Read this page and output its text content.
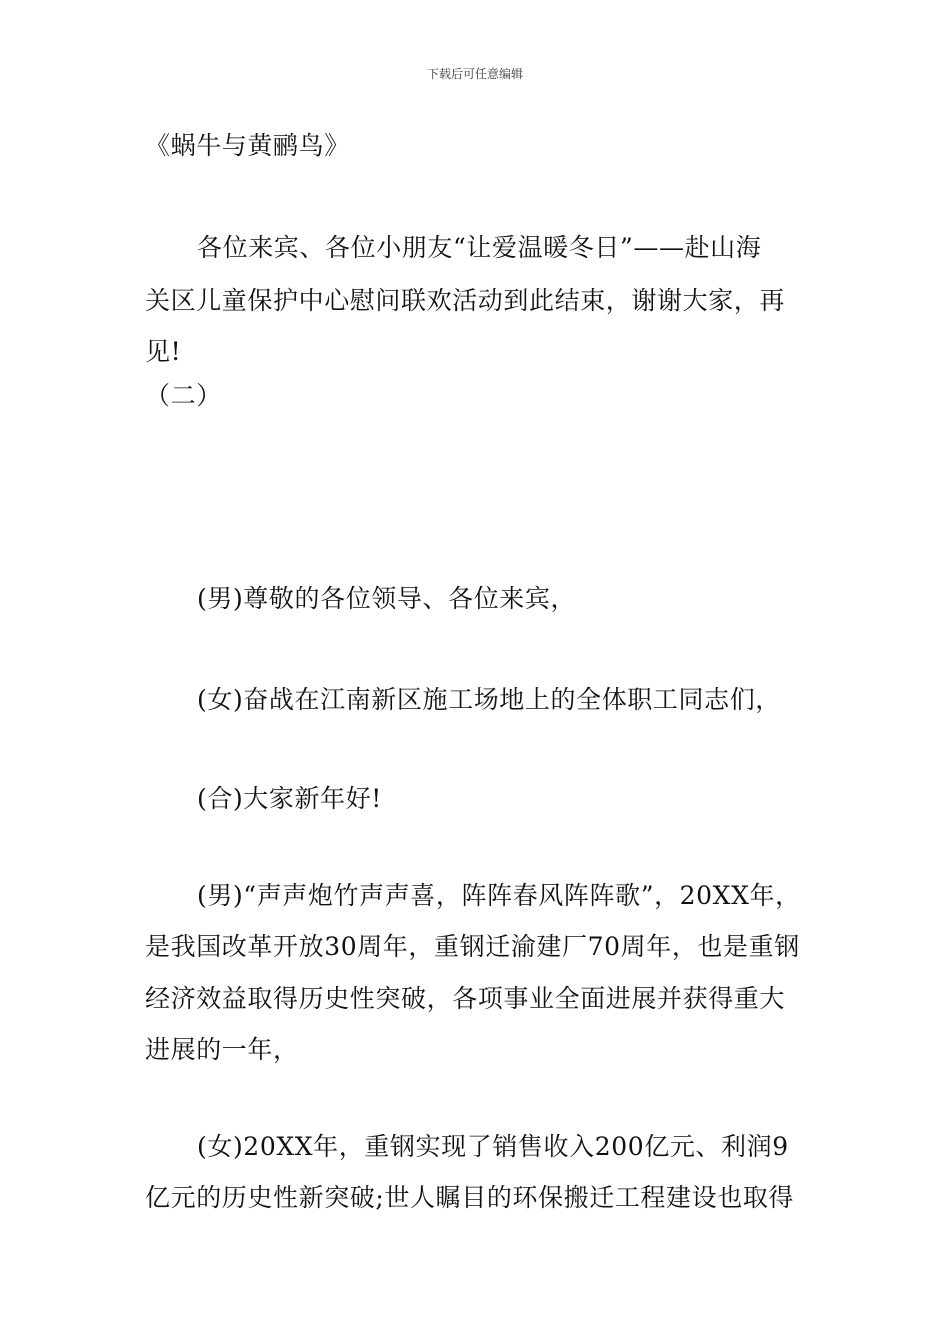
下载后可任意编辑
《蜗牛与黄鹂鸟》
各位来宾、各位小朋友“让爱温暖冬日”——赴山海
关区儿童保护中心慰问联欢活动到此结束，谢谢大家，再
见!
（二）
(男)尊敬的各位领导、各位来宾，
(女)奋战在江南新区施工场地上的全体职工同志们，
(合)大家新年好!
(男)“声声炮竹声声喜，阵阵春风阵阵歌”，20XX年，
是我国改革开放30周年，重钢迁渝建厂70周年，也是重钢
经济效益取得历史性突破，各项事业全面进展并获得重大
进展的一年，
(女)20XX年，重钢实现了销售收入200亿元、利润9
亿元的历史性新突破;世人瞩目的环保搬迁工程建设也取得
